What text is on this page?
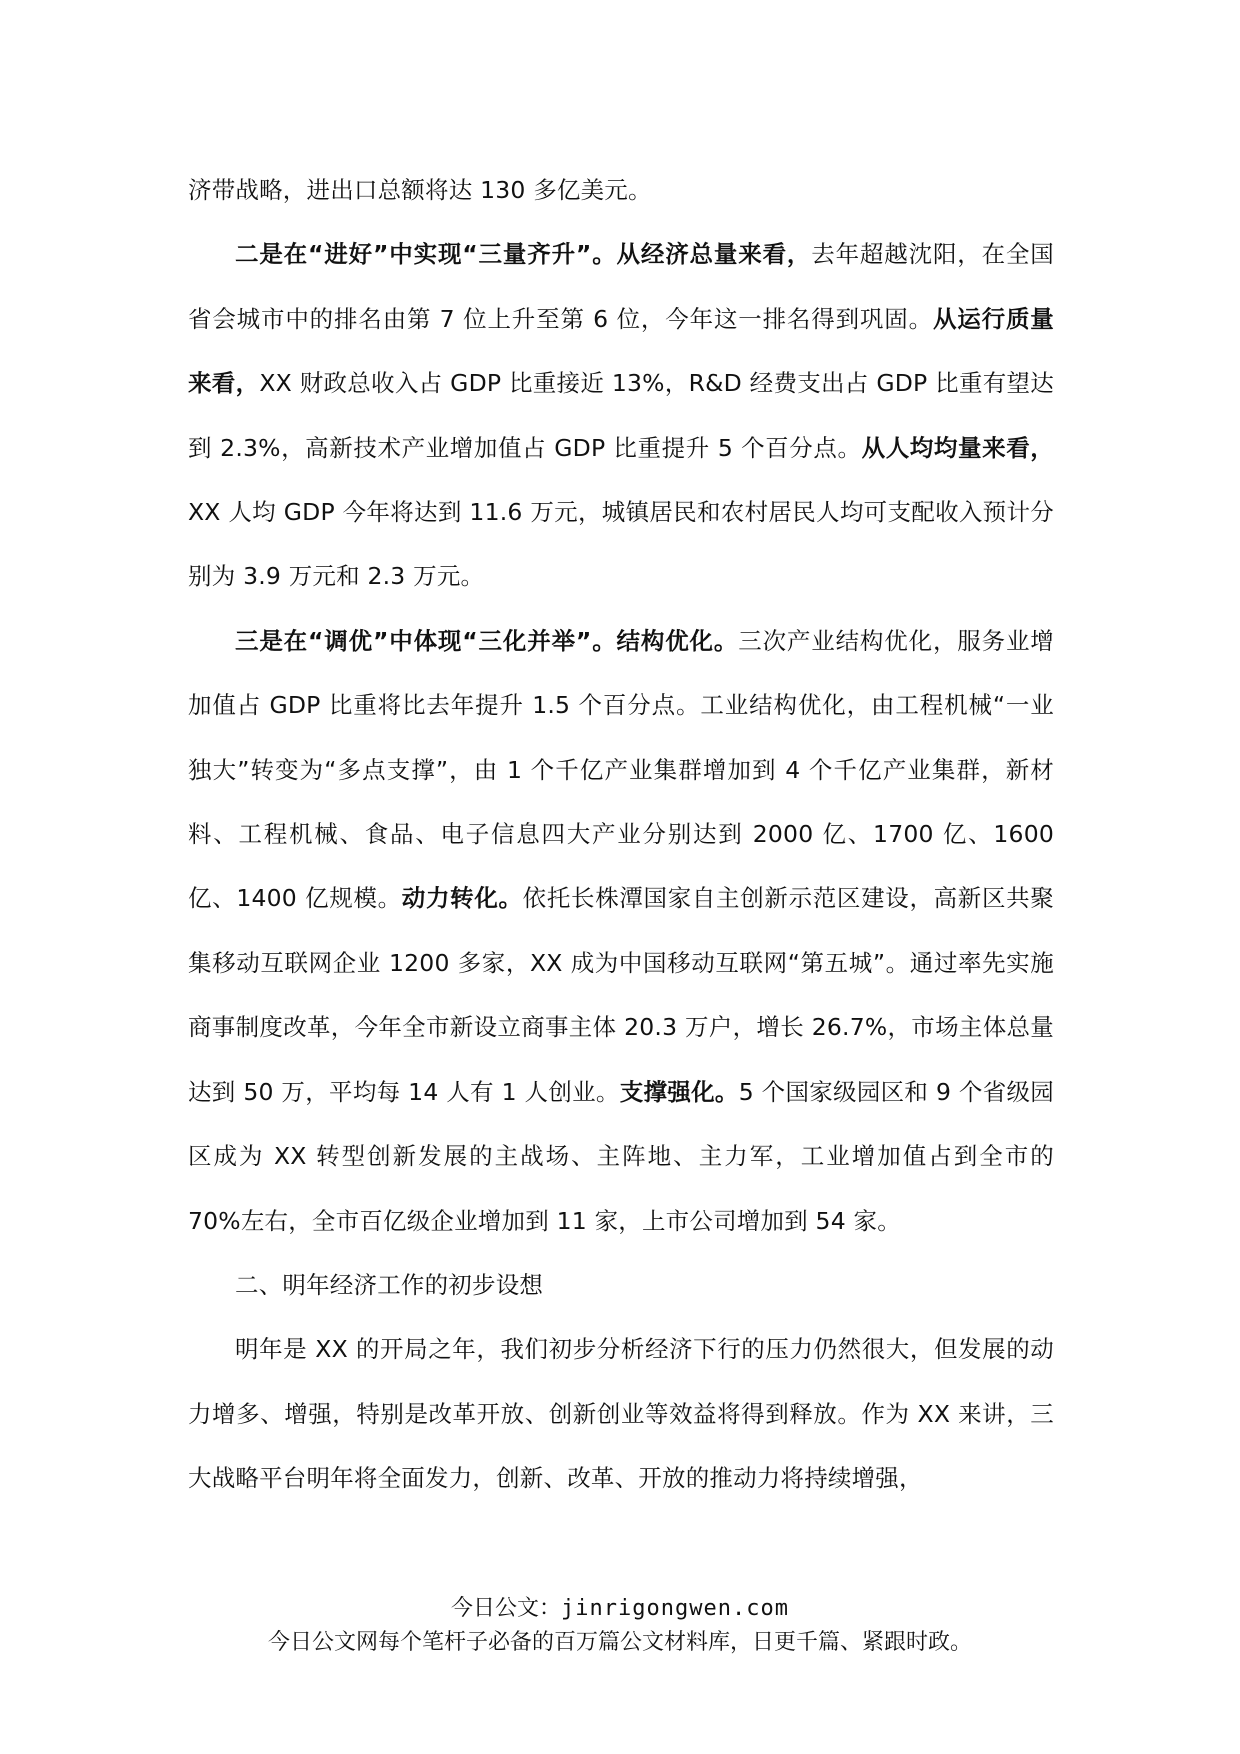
济带战略，进出口总额将达 130 多亿美元。

二是在“进好”中实现“三量齐升”。从经济总量来看，去年超越沈阳，在全国省会城市中的排名由第 7 位上升至第 6 位，今年这一排名得到巩固。从运行质量来看，XX 财政总收入占 GDP 比重接近 13%，R&D 经费支出占 GDP 比重有望达到 2.3%，高新技术产业增加值占 GDP 比重提升 5 个百分点。从人均均量来看，XX 人均 GDP 今年将达到 11.6 万元，城镇居民和农村居民人均可支配收入预计分别为 3.9 万元和 2.3 万元。

三是在“调优”中体现“三化并举”。结构优化。三次产业结构优化，服务业增加值占 GDP 比重将比去年提升 1.5 个百分点。工业结构优化，由工程机械“一业独大”转变为“多点支撑”，由 1 个千亿产业集群增加到 4 个千亿产业集群，新材料、工程机械、食品、电子信息四大产业分别达到 2000 亿、1700 亿、1600 亿、1400 亿规模。动力转化。依托长株潭国家自主创新示范区建设，高新区共聚集移动互联网企业 1200 多家，XX 成为中国移动互联网“第五城”。通过率先实施商事制度改革，今年全市新设立商事主体 20.3 万户，增长 26.7%，市场主体总量达到 50 万，平均每 14 人有 1 人创业。支撑强化。5 个国家级园区和 9 个省级园区成为 XX 转型创新发展的主战场、主阵地、主力军，工业增加值占到全市的 70%左右，全市百亿级企业增加到 11 家，上市公司增加到 54 家。

二、明年经济工作的初步设想

明年是 XX 的开局之年，我们初步分析经济下行的压力仍然很大，但发展的动力增多、增强，特别是改革开放、创新创业等效益将得到释放。作为 XX 来讲，三大战略平台明年将全面发力，创新、改革、开放的推动力将持续增强，

今日公文：jinrigongwen.com
今日公文网每个笔杆子必备的百万篇公文材料库，日更千篇、紧跟时政。
